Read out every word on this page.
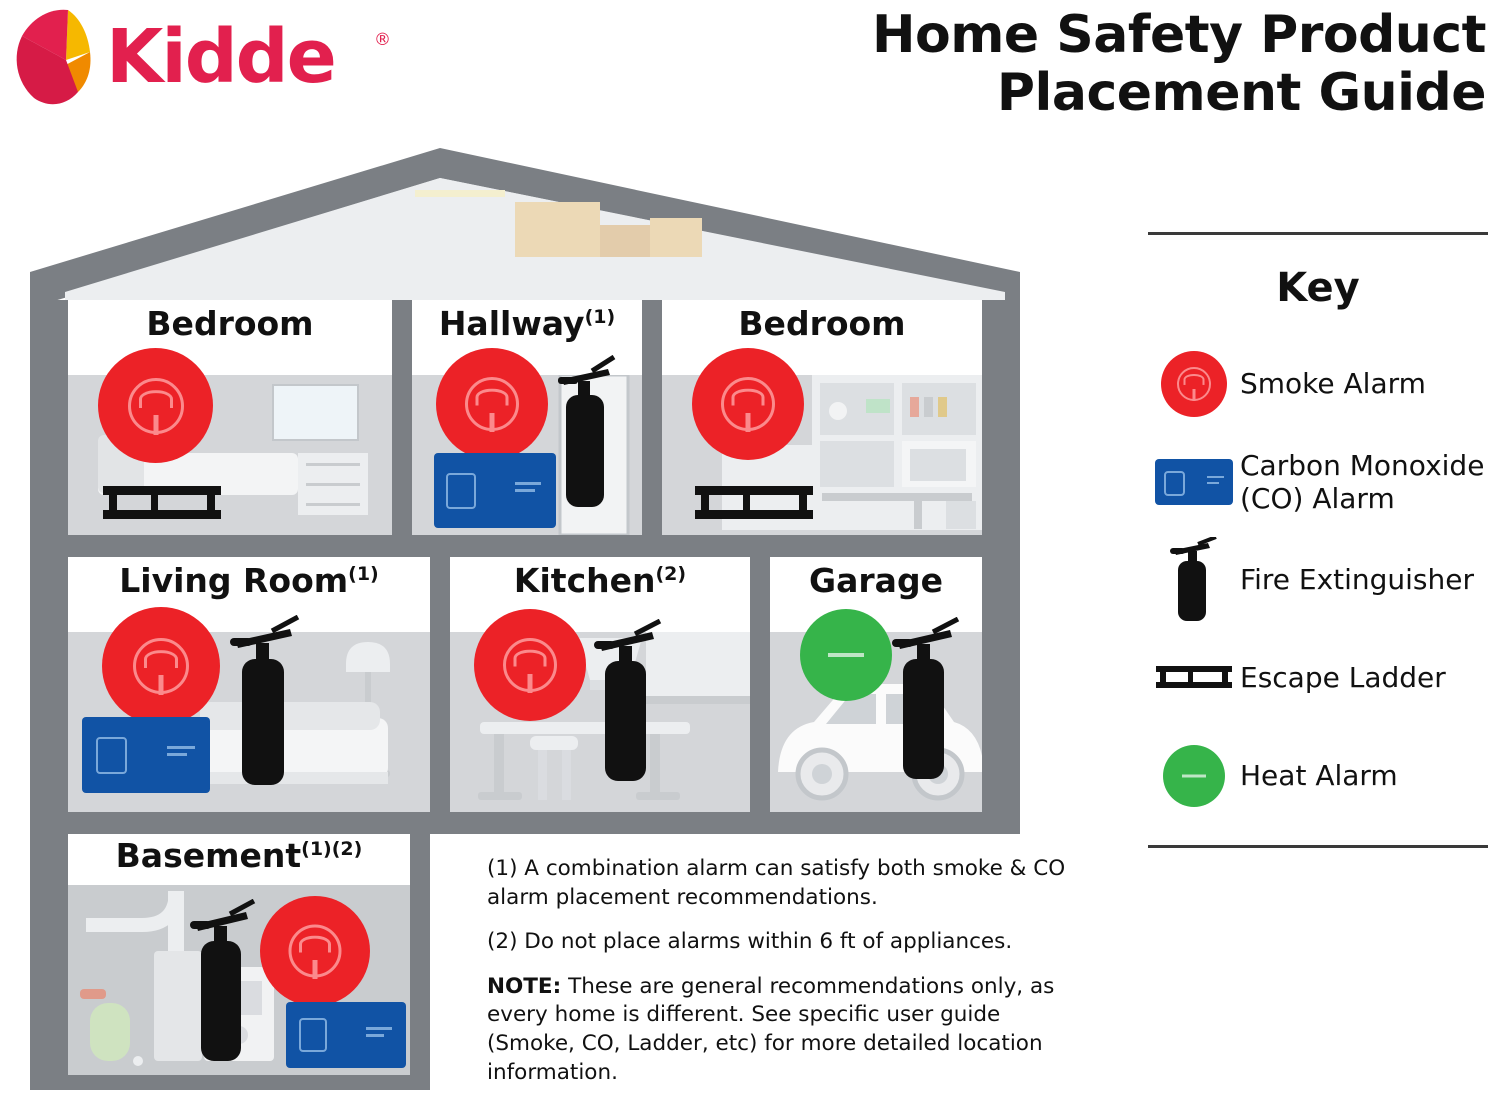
Kidde ®	Home Safety Product
Placement Guide
Bedroom	Hallway$^{(1)}$	Bedroom
Living Room$^{(1)}$	Kitchen$^{(2)}$	Garage
Basement$^{(1)(2)}$

(1) A combination alarm can satisfy both smoke & CO alarm placement recommendations.

(2) Do not place alarms within 6 ft of appliances.

NOTE: These are general recommendations only, as every home is different. See specific user guide (Smoke, CO, Ladder, etc) for more detailed location information.

Key
Smoke Alarm
Carbon Monoxide (CO) Alarm
Fire Extinguisher
Escape Ladder
Heat Alarm
